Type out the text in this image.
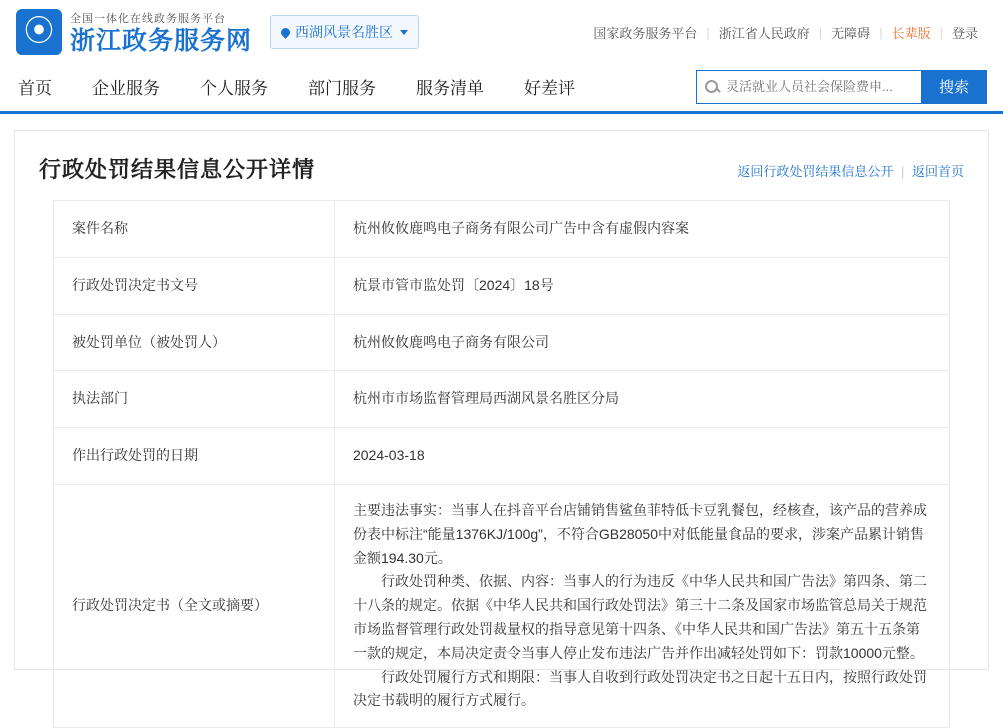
⦿ 全国一体化在线政务服务平台
浙江政务服务网	西湖风景名胜区	国家政务服务平台 | 浙江省人民政府 | 无障碍 | 长辈版 | 登录
首页	企业服务	个人服务	部门服务	服务清单	好差评
灵活就业人员社会保险费申...	搜索
行政处罚结果信息公开详情	返回行政处罚结果信息公开 | 返回首页
案件名称	杭州攸攸鹿鸣电子商务有限公司广告中含有虚假内容案
行政处罚决定书文号	杭景市管市监处罚〔2024〕18号
被处罚单位（被处罚人）	杭州攸攸鹿鸣电子商务有限公司
执法部门	杭州市市场监督管理局西湖风景名胜区分局
作出行政处罚的日期	2024-03-18
行政处罚决定书（全文或摘要）	主要违法事实：当事人在抖音平台店铺销售鲨鱼菲特低卡豆乳餐包，经核查，该产品的营养成份表中标注“能量1376KJ/100g”，不符合GB28050中对低能量食品的要求，涉案产品累计销售金额194.30元。

行政处罚种类、依据、内容：当事人的行为违反《中华人民共和国广告法》第四条、第二十八条的规定。依据《中华人民共和国行政处罚法》第三十二条及国家市场监管总局关于规范市场监督管理行政处罚裁量权的指导意见第十四条、《中华人民共和国广告法》第五十五条第一款的规定，本局决定责令当事人停止发布违法广告并作出减轻处罚如下：罚款10000元整。

行政处罚履行方式和期限：当事人自收到行政处罚决定书之日起十五日内，按照行政处罚决定书载明的履行方式履行。
